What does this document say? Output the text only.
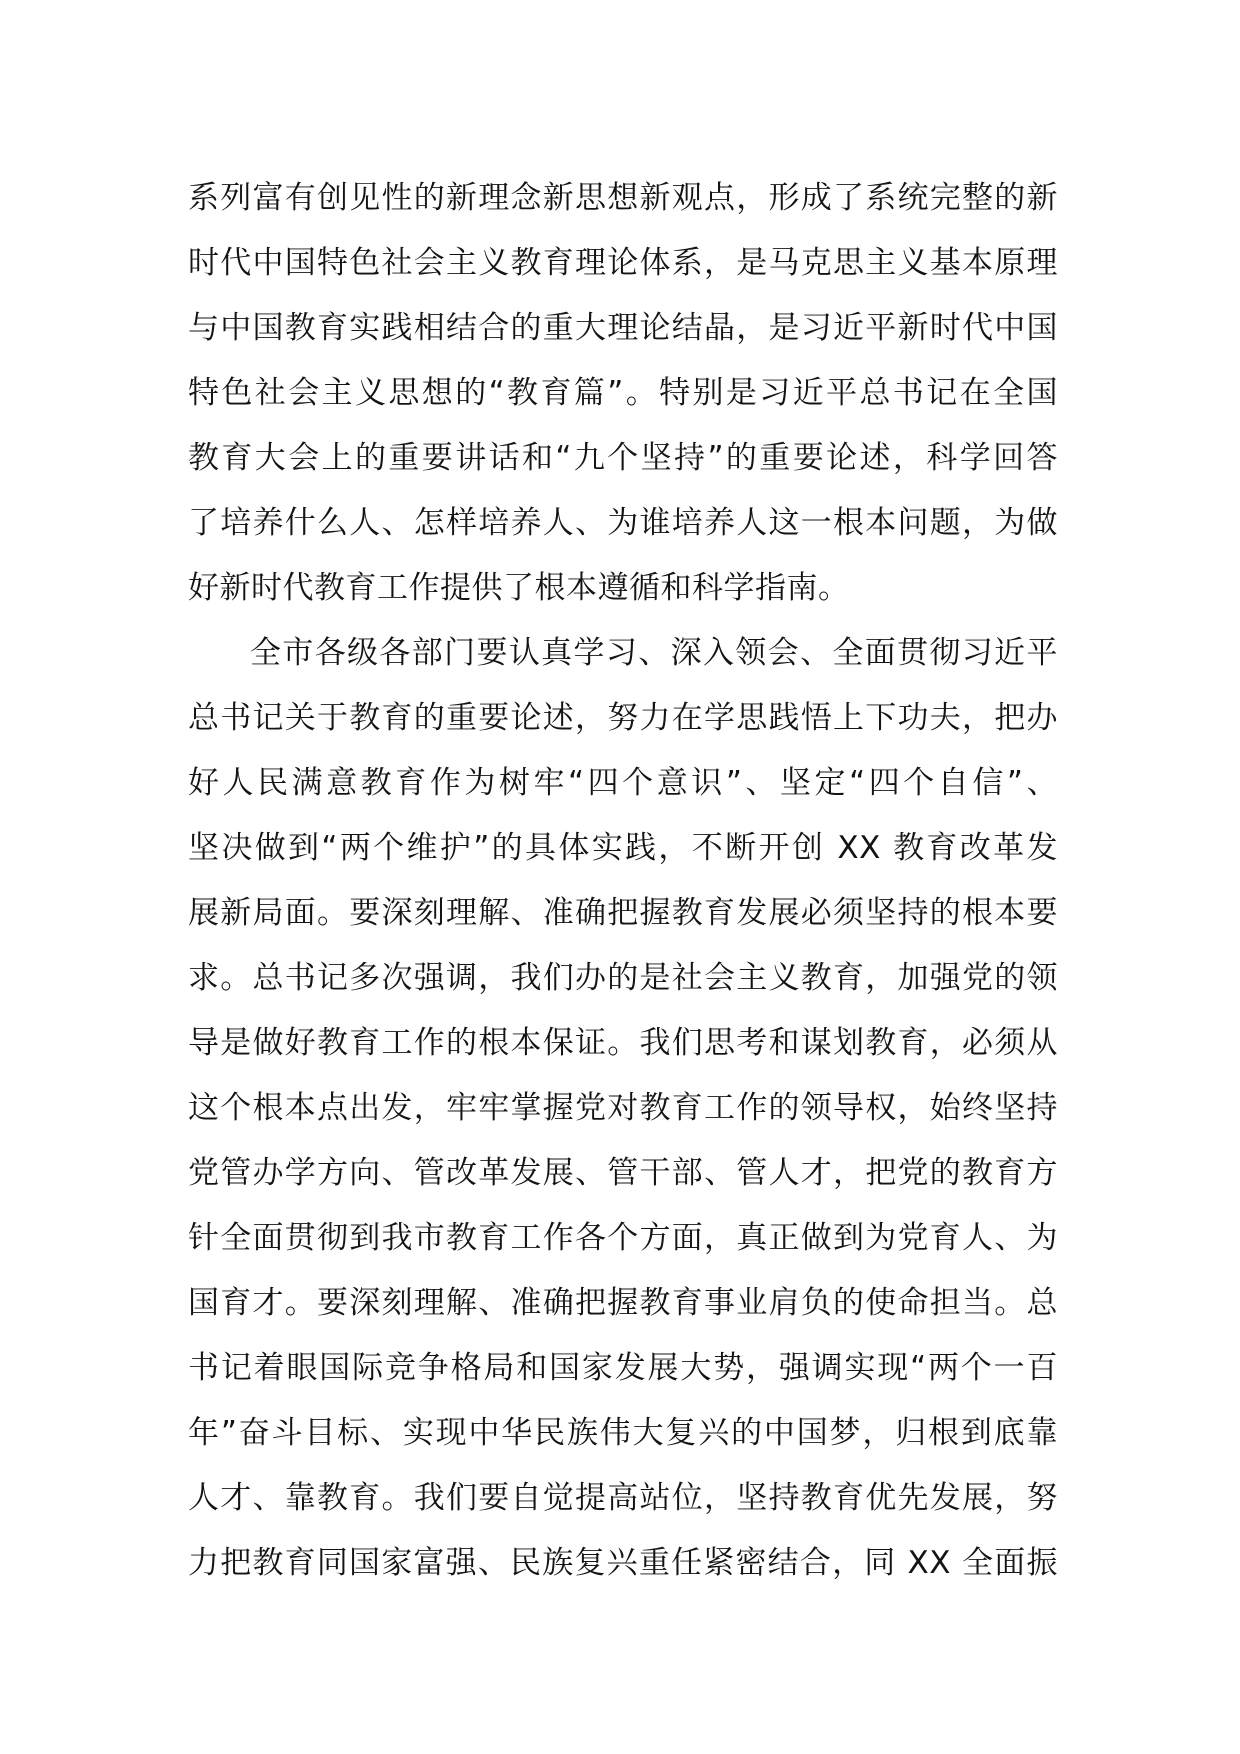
系列富有创见性的新理念新思想新观点，形成了系统完整的新
时代中国特色社会主义教育理论体系，是马克思主义基本原理
与中国教育实践相结合的重大理论结晶，是习近平新时代中国
特色社会主义思想的“教育篇”。特别是习近平总书记在全国
教育大会上的重要讲话和“九个坚持”的重要论述，科学回答
了培养什么人、怎样培养人、为谁培养人这一根本问题，为做
好新时代教育工作提供了根本遵循和科学指南。
全市各级各部门要认真学习、深入领会、全面贯彻习近平
总书记关于教育的重要论述，努力在学思践悟上下功夫，把办
好人民满意教育作为树牢“四个意识”、坚定“四个自信”、
坚决做到“两个维护”的具体实践，不断开创 XX 教育改革发
展新局面。要深刻理解、准确把握教育发展必须坚持的根本要
求。总书记多次强调，我们办的是社会主义教育，加强党的领
导是做好教育工作的根本保证。我们思考和谋划教育，必须从
这个根本点出发，牢牢掌握党对教育工作的领导权，始终坚持
党管办学方向、管改革发展、管干部、管人才，把党的教育方
针全面贯彻到我市教育工作各个方面，真正做到为党育人、为
国育才。要深刻理解、准确把握教育事业肩负的使命担当。总
书记着眼国际竞争格局和国家发展大势，强调实现“两个一百
年”奋斗目标、实现中华民族伟大复兴的中国梦，归根到底靠
人才、靠教育。我们要自觉提高站位，坚持教育优先发展，努
力把教育同国家富强、民族复兴重任紧密结合，同 XX 全面振
